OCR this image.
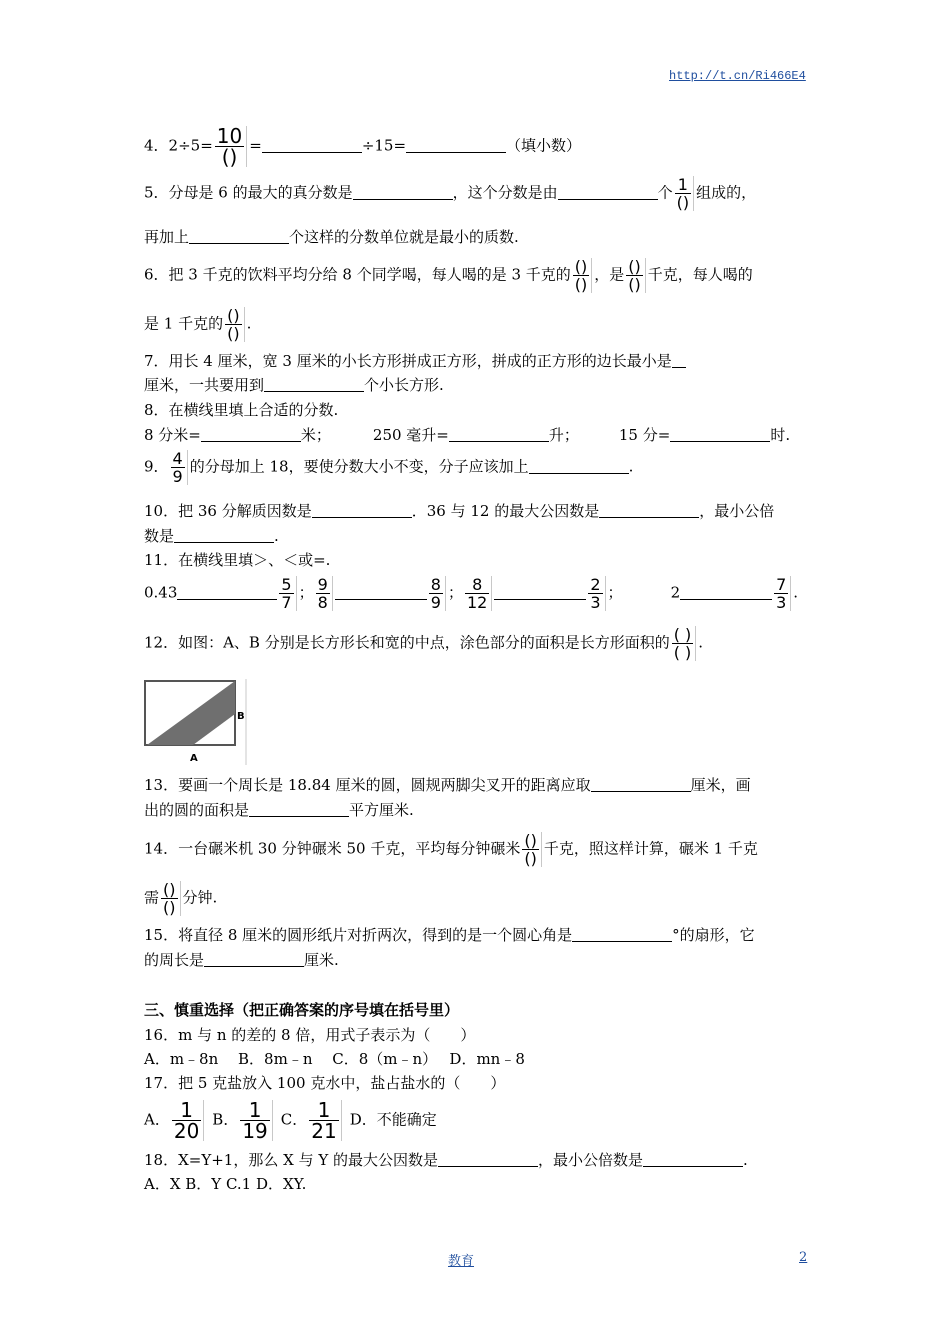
http://t.cn/Ri466E4
4．$2\div 5= \frac{10}{()}$ =	÷15=	（填小数）
5．分母是 6 的最大的真分数是	，这个分数是由	个 $\frac{1}{()}$ 组成的，
再加上	个这样的分数单位就是最小的质数.
6．把 3 千克的饮料平均分给 8 个同学喝，每人喝的是 3 千克的 $\frac{()}{()}$ ，是 $\frac{()}{()}$ 千克，每人喝的
是 1 千克的 $\frac{()}{()}$ .
7．用长 4 厘米，宽 3 厘米的小长方形拼成正方形，拼成的正方形的边长最小是
厘米，一共要用到	个小长方形.
8．在横线里填上合适的分数.
8 分米=	米；	250 毫升=	升；	15 分=	时.
9． $\frac{4}{9}$ 的分母加上 18，要使分数大小不变，分子应该加上	.
10．把 36 分解质因数是	．36 与 12 的最大公因数是	，最小公倍
数是	.
11．在横线里填＞、＜或=.
0.43	$\frac{5}{7}$ ； $\frac{9}{8}$	$\frac{8}{9}$ ； $\frac{8}{12}$	$\frac{2}{3}$ ；	2	$\frac{7}{3}$ .
12．如图：A、B 分别是长方形长和宽的中点，涂色部分的面积是长方形面积的 $\frac{( )}{( )}$ .
B
A
13．要画一个周长是 18.84 厘米的圆，圆规两脚尖叉开的距离应取	厘米，画
出的圆的面积是	平方厘米.
14．一台碾米机 30 分钟碾米 50 千克，平均每分钟碾米 $\frac{()}{()}$ 千克，照这样计算，碾米 1 千克
需 $\frac{()}{()}$ 分钟.
15．将直径 8 厘米的圆形纸片对折两次，得到的是一个圆心角是	°的扇形，它
的周长是	厘米.
三、慎重选择（把正确答案的序号填在括号里）
16．m 与 n 的差的 8 倍，用式子表示为（　　）
A．m﹣8n　 B．8m﹣n　 C．8（m﹣n）　 D．mn﹣8
17．把 5 克盐放入 100 克水中，盐占盐水的（　　）
A． $\frac{1}{20}$ B． $\frac{1}{19}$ C． $\frac{1}{21}$ D．不能确定
18．X=Y+1，那么 X 与 Y 的最大公因数是	，最小公倍数是	.
A．X B．Y C.1 D．XY.
教育	2
